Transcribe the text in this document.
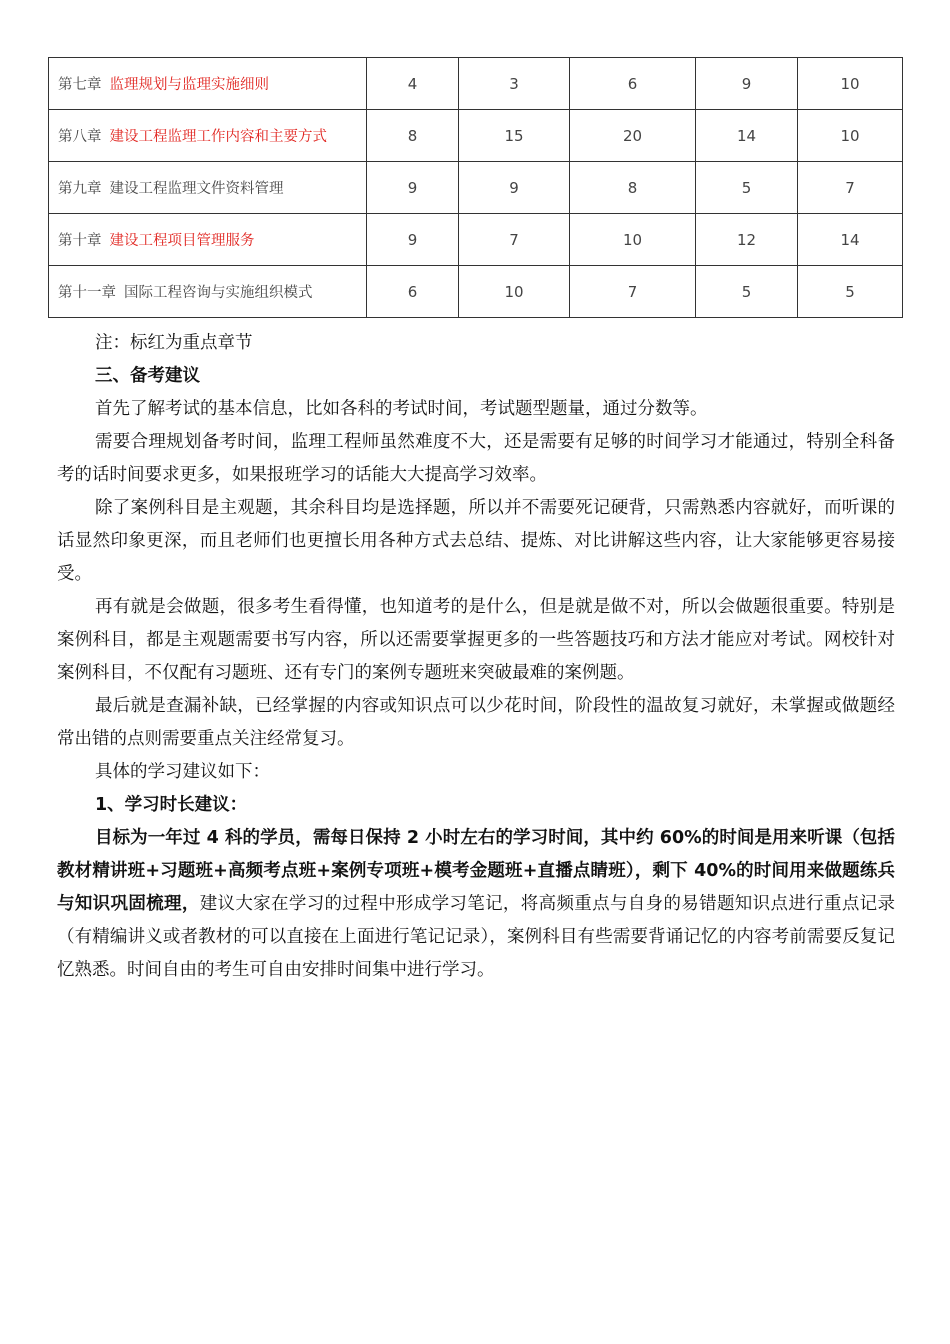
第七章 监理规划与监理实施细则	4	3	6	9	10
第八章 建设工程监理工作内容和主要方式	8	15	20	14	10
第九章 建设工程监理文件资料管理	9	9	8	5	7
第十章 建设工程项目管理服务	9	7	10	12	14
第十一章 国际工程咨询与实施组织模式	6	10	7	5	5
注：标红为重点章节

三、备考建议

首先了解考试的基本信息，比如各科的考试时间，考试题型题量，通过分数等。

需要合理规划备考时间，监理工程师虽然难度不大，还是需要有足够的时间学习才能通过，特别全科备考的话时间要求更多，如果报班学习的话能大大提高学习效率。

除了案例科目是主观题，其余科目均是选择题，所以并不需要死记硬背，只需熟悉内容就好，而听课的话显然印象更深，而且老师们也更擅长用各种方式去总结、提炼、对比讲解这些内容，让大家能够更容易接受。

再有就是会做题，很多考生看得懂，也知道考的是什么，但是就是做不对，所以会做题很重要。特别是案例科目，都是主观题需要书写内容，所以还需要掌握更多的一些答题技巧和方法才能应对考试。网校针对案例科目，不仅配有习题班、还有专门的案例专题班来突破最难的案例题。

最后就是查漏补缺，已经掌握的内容或知识点可以少花时间，阶段性的温故复习就好，未掌握或做题经常出错的点则需要重点关注经常复习。

具体的学习建议如下：

1、学习时长建议：

目标为一年过 4 科的学员，需每日保持 2 小时左右的学习时间，其中约 60%的时间是用来听课（包括教材精讲班+习题班+高频考点班+案例专项班+模考金题班+直播点睛班），剩下 40%的时间用来做题练兵与知识巩固梳理，建议大家在学习的过程中形成学习笔记，将高频重点与自身的易错题知识点进行重点记录（有精编讲义或者教材的可以直接在上面进行笔记记录），案例科目有些需要背诵记忆的内容考前需要反复记忆熟悉。时间自由的考生可自由安排时间集中进行学习。
